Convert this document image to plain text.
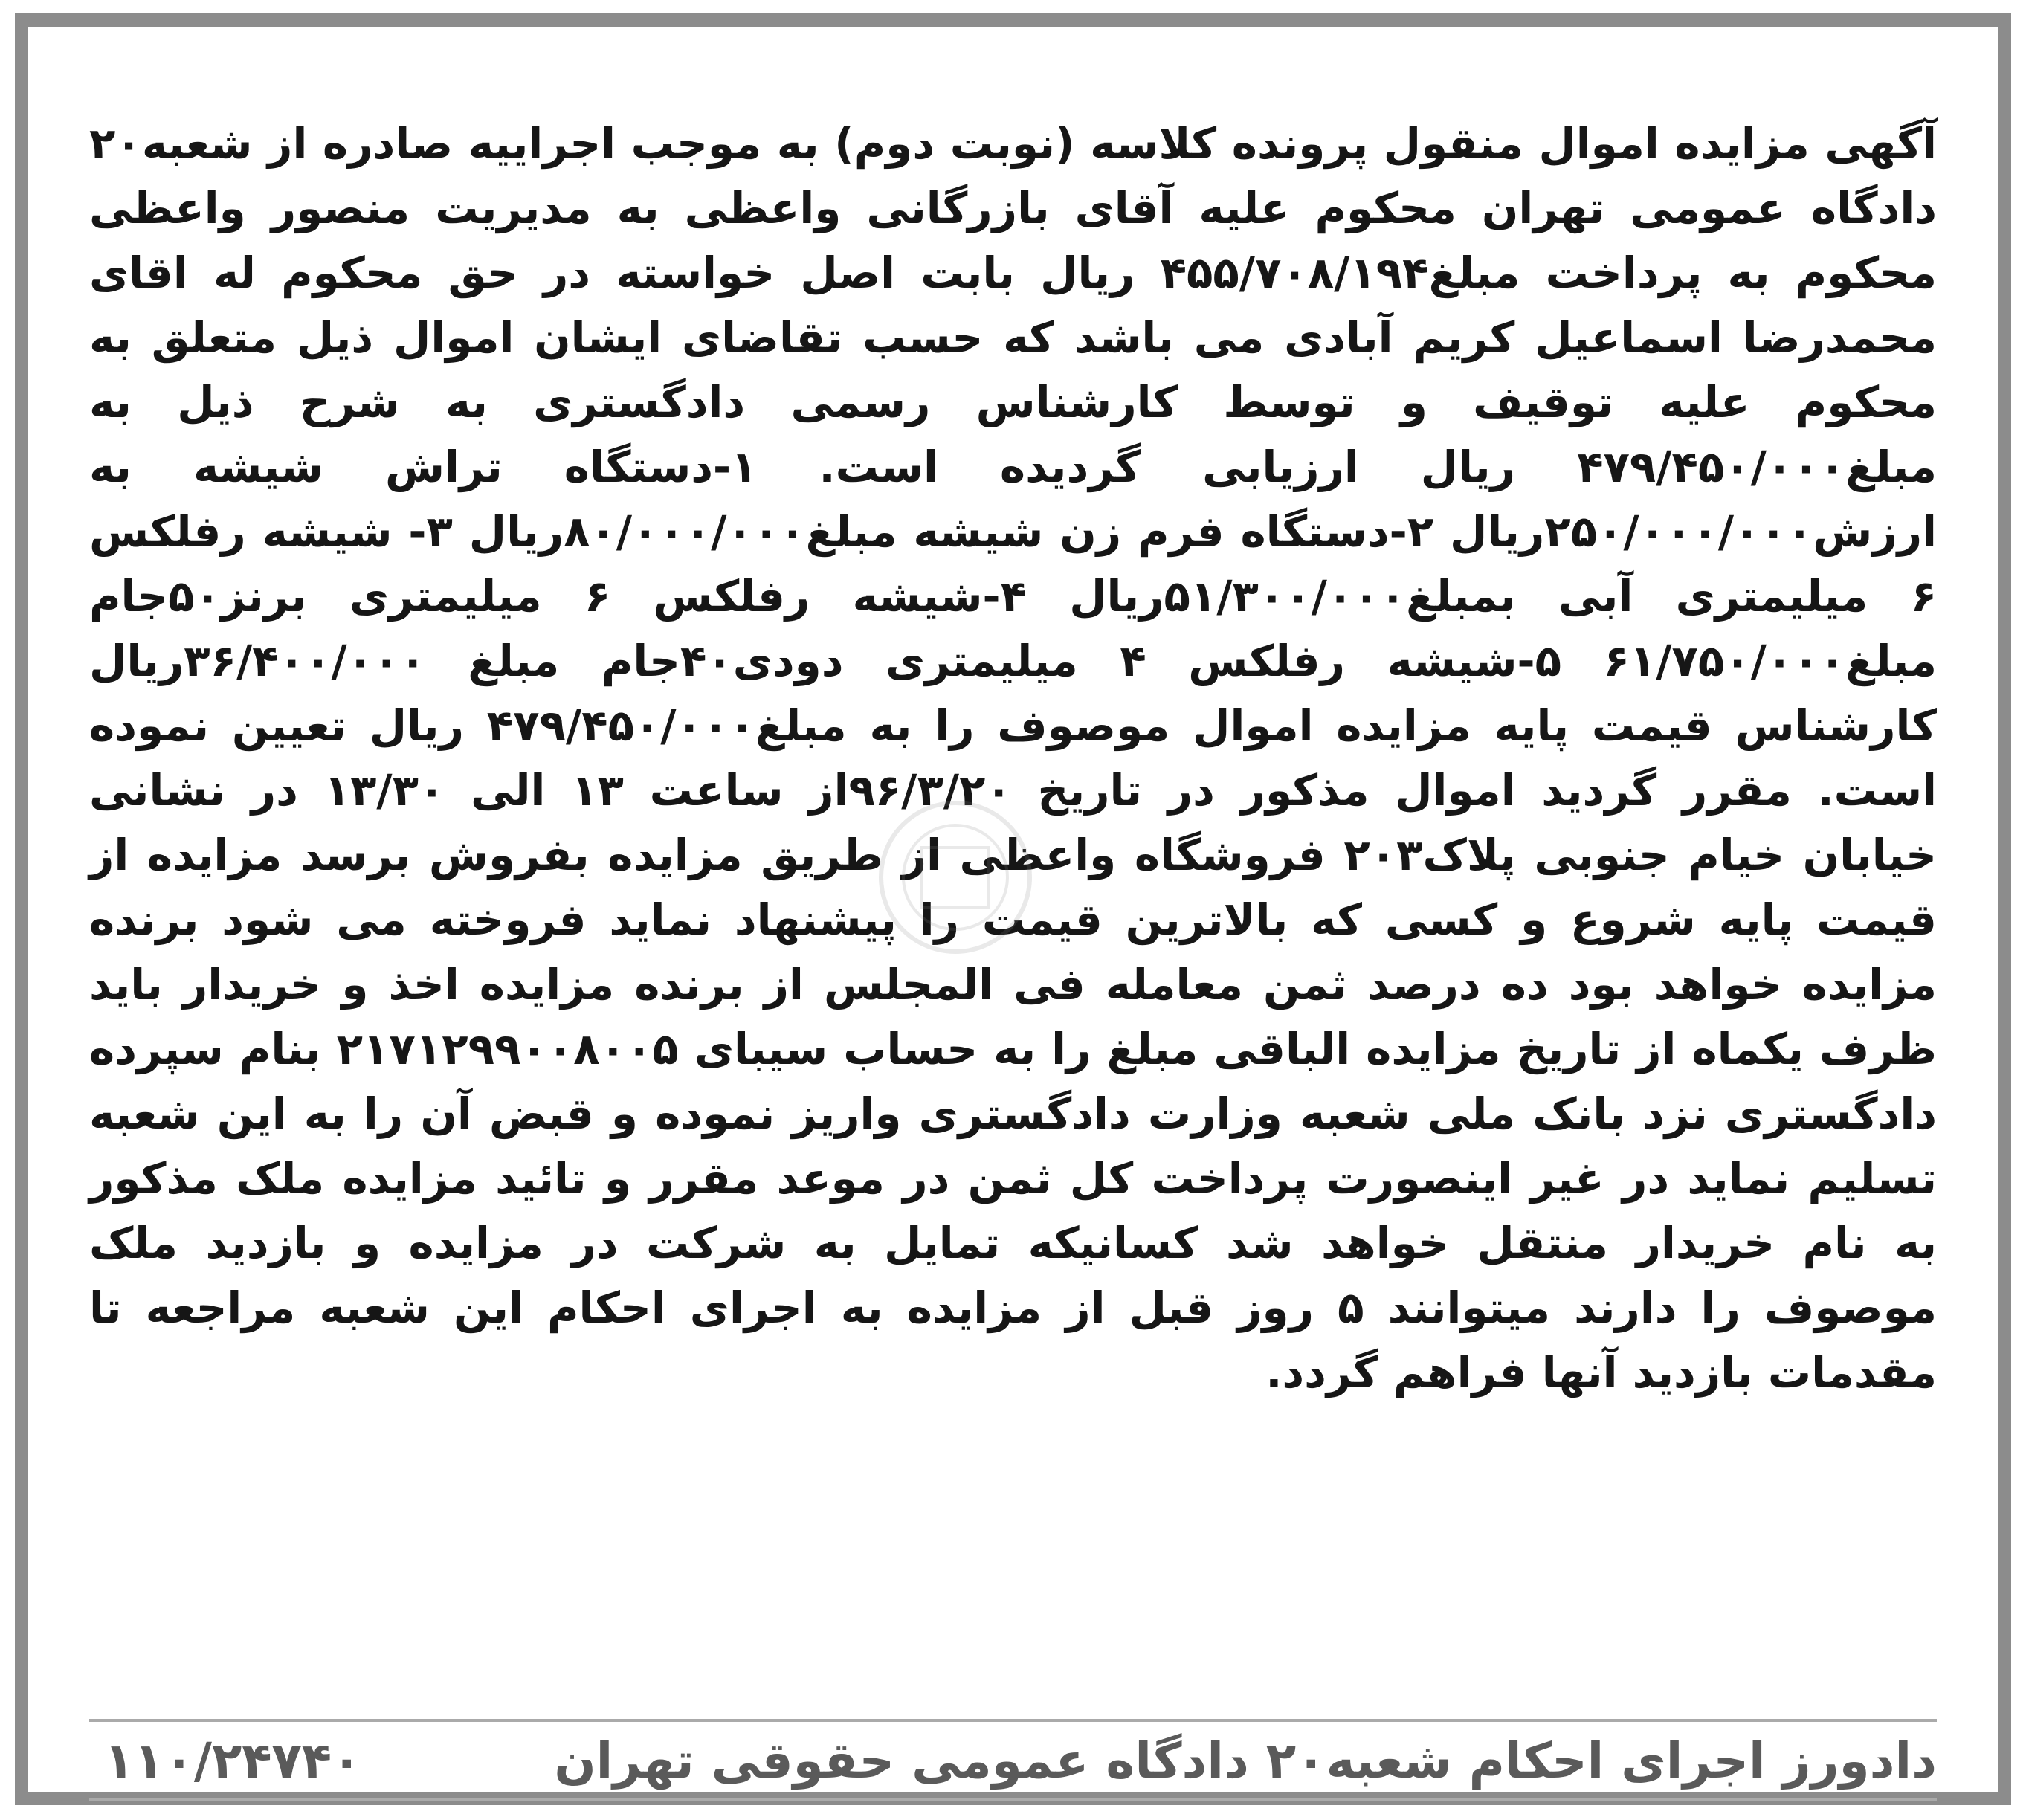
آگهی مزایده اموال منقول پرونده کلاسه (نوبت دوم) به موجب اجراییه صادره از شعبه۲۰ دادگاه عمومی تهران محکوم علیه آقای بازرگانی واعظی به مدیریت منصور واعظی محکوم به پرداخت مبلغ۴۵۵/۷۰۸/۱۹۴ ریال بابت اصل خواسته در حق محکوم له اقای محمدرضا اسماعیل کریم آبادی می باشد که حسب تقاضای ایشان اموال ذیل متعلق به محکوم علیه توقیف و توسط کارشناس رسمی دادگستری به شرح ذیل به مبلغ۴۷۹/۴۵۰/۰۰۰ ریال ارزیابی گردیده است. ۱-دستگاه تراش شیشه به ارزش۲۵۰/۰۰۰/۰۰۰ریال ۲-دستگاه فرم زن شیشه مبلغ۸۰/۰۰۰/۰۰۰ریال ۳- شیشه رفلکس ۶ میلیمتری آبی بمبلغ۵۱/۳۰۰/۰۰۰ریال ۴-شیشه رفلکس ۶ میلیمتری برنز۵۰جام مبلغ۶۱/۷۵۰/۰۰۰ ۵-شیشه رفلکس ۴ میلیمتری دودی۴۰جام مبلغ ۳۶/۴۰۰/۰۰۰ریال کارشناس قیمت پایه مزایده اموال موصوف را به مبلغ۴۷۹/۴۵۰/۰۰۰ ریال تعیین نموده است. مقرر گردید اموال مذکور در تاریخ ۹۶/۳/۲۰از ساعت ۱۳ الی ۱۳/۳۰ در نشانی خیابان خیام جنوبی پلاک۲۰۳ فروشگاه واعظی از طریق مزایده بفروش برسد مزایده از قیمت پایه شروع و کسی که بالاترین قیمت را پیشنهاد نماید فروخته می شود برنده مزایده خواهد بود ده درصد ثمن معامله فی المجلس از برنده مزایده اخذ و خریدار باید ظرف یکماه از تاریخ مزایده الباقی مبلغ را به حساب سیبای ۲۱۷۱۲۹۹۰۰۸۰۰۵ بنام سپرده دادگستری نزد بانک ملی شعبه وزارت دادگستری واریز نموده و قبض آن را به این شعبه تسلیم نماید در غیر اینصورت پرداخت کل ثمن در موعد مقرر و تائید مزایده ملک مذکور به نام خریدار منتقل خواهد شد کسانیکه تمایل به شرکت در مزایده و بازدید ملک موصوف را دارند میتوانند ۵ روز قبل از مزایده به اجرای احکام این شعبه مراجعه تا مقدمات بازدید آنها فراهم گردد.
دادورز اجرای احکام شعبه۲۰ دادگاه عمومی حقوقی تهران
۱۱۰/۲۴۷۴۰
